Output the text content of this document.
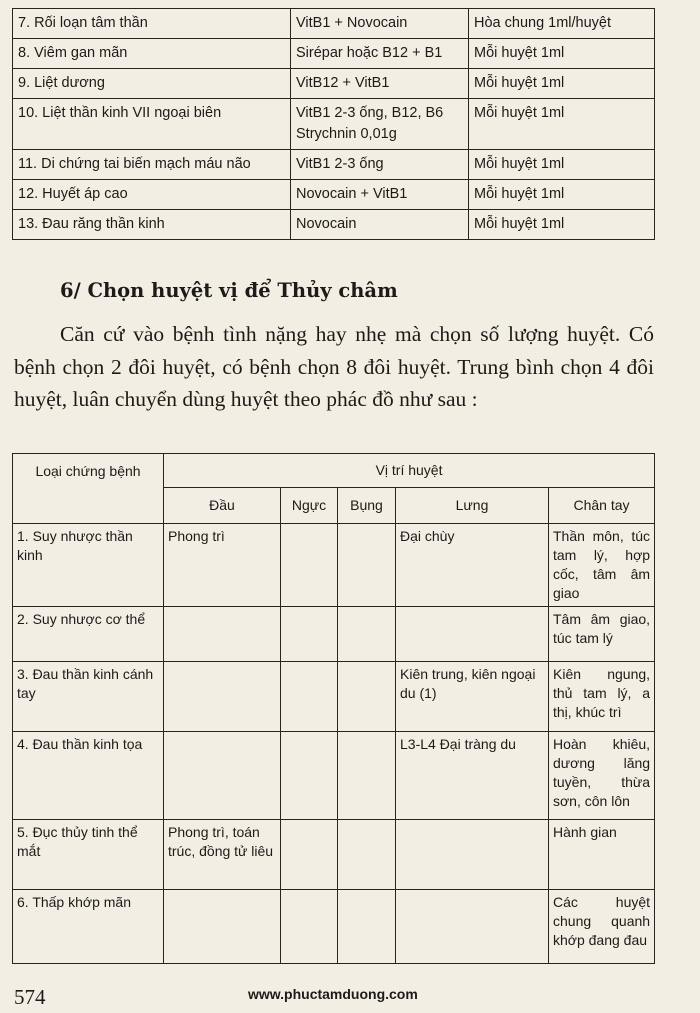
7. Rối loạn tâm thần	VitB1 + Novocain	Hòa chung 1ml/huyệt
8. Viêm gan mãn	Sirépar hoặc B12 + B1	Mỗi huyệt 1ml
9. Liệt dương	VitB12 + VitB1	Mỗi huyệt 1ml
10. Liệt thần kinh VII ngoại biên	VitB1 2-3 ống, B12, B6 Strychnin 0,01g	Mỗi huyệt 1ml
11. Di chứng tai biến mạch máu não	VitB1 2-3 ống	Mỗi huyệt 1ml
12. Huyết áp cao	Novocain + VitB1	Mỗi huyệt 1ml
13. Đau răng thần kinh	Novocain	Mỗi huyệt 1ml
6/ Chọn huyệt vị để Thủy châm
Căn cứ vào bệnh tình nặng hay nhẹ mà chọn số lượng huyệt. Có bệnh chọn 2 đôi huyệt, có bệnh chọn 8 đôi huyệt. Trung bình chọn 4 đôi huyệt, luân chuyển dùng huyệt theo phác đồ như sau :
Loại chứng bệnh	Vị trí huyệt				
	Đầu	Ngực	Bụng	Lưng	Chân tay
1. Suy nhược thần kinh	Phong trì			Đại chùy	Thần môn, túc tam lý, hợp cốc, tâm âm giao
2. Suy nhược cơ thể					Tâm âm giao, túc tam lý
3. Đau thần kinh cánh tay				Kiên trung, kiên ngoại du (1)	Kiên ngung, thủ tam lý, a thị, khúc trì
4. Đau thần kinh tọa				L3-L4 Đại tràng du	Hoàn khiêu, dương lăng tuyền, thừa sơn, côn lôn
5. Đục thủy tinh thể mắt	Phong trì, toán trúc, đồng tử liêu				Hành gian
6. Thấp khớp mãn					Các huyệt chung quanh khớp đang đau
574	www.phuctamduong.com
